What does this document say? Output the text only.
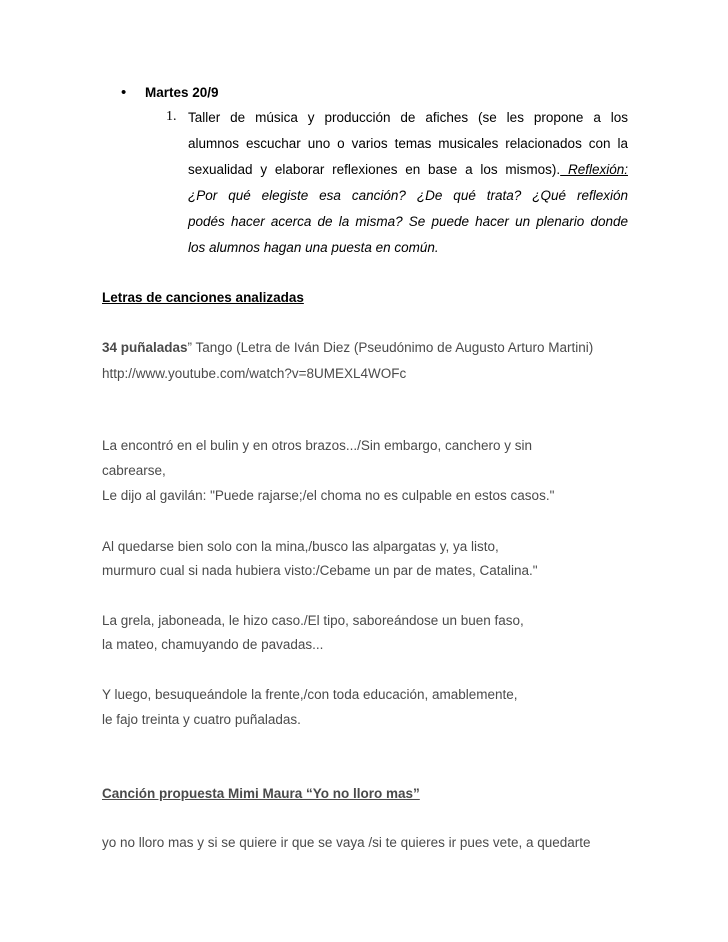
• Martes 20/9
1. Taller de música y producción de afiches (se les propone a los
alumnos escuchar uno o varios temas musicales relacionados con la
sexualidad y elaborar reflexiones en base a los mismos). Reflexión:
¿Por qué elegiste esa canción? ¿De qué trata? ¿Qué reflexión
podés hacer acerca de la misma? Se puede hacer un plenario donde
los alumnos hagan una puesta en común.
Letras de canciones analizadas
34 puñaladas” Tango (Letra de Iván Diez (Pseudónimo de Augusto Arturo Martini)
http://www.youtube.com/watch?v=8UMEXL4WOFc
La encontró en el bulin y en otros brazos.../Sin embargo, canchero y sin
cabrearse,
Le dijo al gavilán: "Puede rajarse;/el choma no es culpable en estos casos."
Al quedarse bien solo con la mina,/busco las alpargatas y, ya listo,
murmuro cual si nada hubiera visto:/Cebame un par de mates, Catalina."
La grela, jaboneada, le hizo caso./El tipo, saboreándose un buen faso,
la mateo, chamuyando de pavadas...
Y luego, besuqueándole la frente,/con toda educación, amablemente,
le fajo treinta y cuatro puñaladas.
Canción propuesta Mimi Maura “Yo no lloro mas”
yo no lloro mas y si se quiere ir que se vaya /si te quieres ir pues vete, a quedarte
